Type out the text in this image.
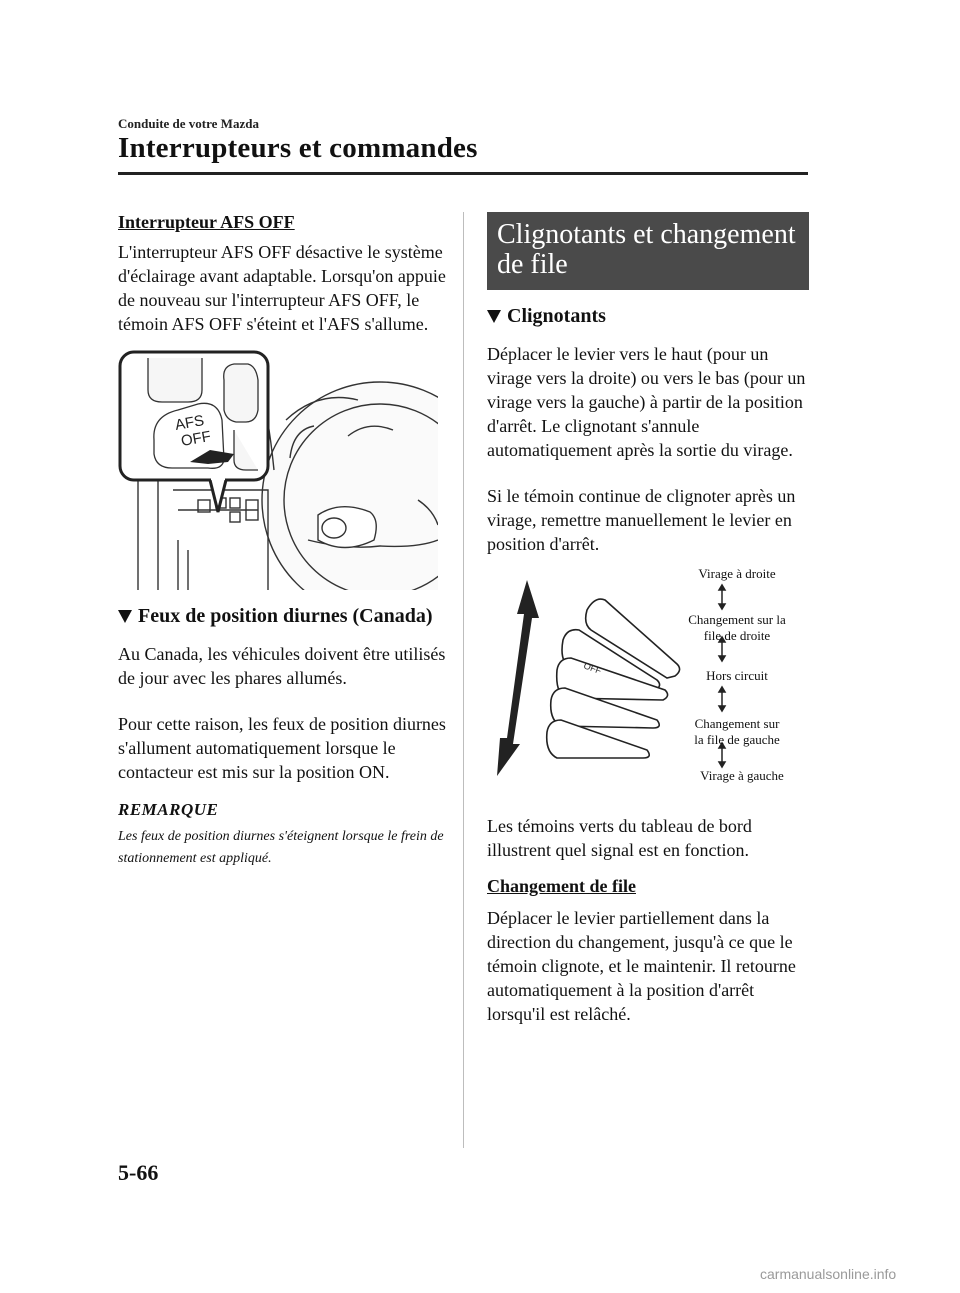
Conduite de votre Mazda
Interrupteurs et commandes
Interrupteur AFS OFF

L'interrupteur AFS OFF désactive le système d'éclairage avant adaptable. Lorsqu'on appuie de nouveau sur l'interrupteur AFS OFF, le témoin AFS OFF s'éteint et l'AFS s'allume.

AFS
OFF
Feux de position diurnes (Canada)

Au Canada, les véhicules doivent être utilisés de jour avec les phares allumés.

Pour cette raison, les feux de position diurnes s'allument automatiquement lorsque le contacteur est mis sur la position ON.

REMARQUE

Les feux de position diurnes s'éteignent lorsque le frein de stationnement est appliqué.

Clignotants et changement
de file
Clignotants

Déplacer le levier vers le haut (pour un virage vers la droite) ou vers le bas (pour un virage vers la gauche) à partir de la position d'arrêt. Le clignotant s'annule automatiquement après la sortie du virage.

Si le témoin continue de clignoter après un virage, remettre manuellement le levier en position d'arrêt.

OFF
Virage à droite
Changement sur la
file de droite
Hors circuit
Changement sur
la file de gauche
Virage à gauche

Les témoins verts du tableau de bord illustrent quel signal est en fonction.

Changement de file

Déplacer le levier partiellement dans la direction du changement, jusqu'à ce que le témoin clignote, et le maintenir. Il retourne automatiquement à la position d'arrêt lorsqu'il est relâché.

5-66
carmanualsonline.info
